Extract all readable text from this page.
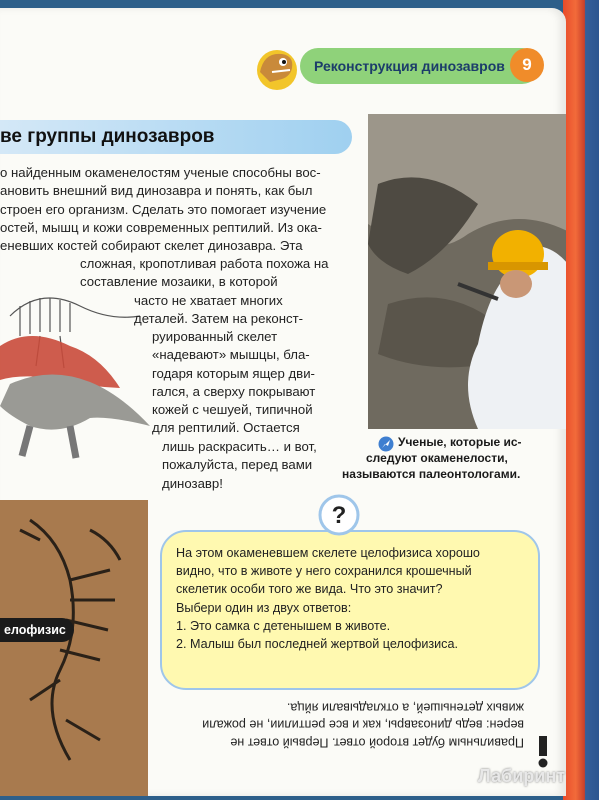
Реконструкция динозавров	9
ве группы динозавров
о найденным окаменелостям ученые способны вос-
ановить внешний вид динозавра и понять, как был
строен его организм. Сделать это помогает изучение
остей, мышц и кожи современных рептилий. Из ока-
еневших костей собирают скелет динозавра. Эта
сложная, кропотливая работа похожа на
составление мозаики, в которой
часто не хватает многих
деталей. Затем на реконст-
руированный скелет
«надевают» мышцы, бла-
годаря которым ящер дви-
гался, а сверху покрывают
кожей с чешуей, типичной
для рептилий. Остается
лишь раскрасить… и вот,
пожалуйста, перед вами
динозавр!
Ученые, которые ис-
следуют окаменелости,
называются палеонтологами.
елофизис
?
На этом окаменевшем скелете целофизиса хорошо
видно, что в животе у него сохранился крошечный
скелетик особи того же вида. Что это значит?
Выбери один из двух ответов:
1. Это самка с детенышем в животе.
2. Малыш был последней жертвой целофизиса.
Правильным будет второй ответ. Первый ответ не
верен: ведь динозавры, как и все рептилии, не рожали
живых детенышей, а откладывали яйца.
Лабиринт
